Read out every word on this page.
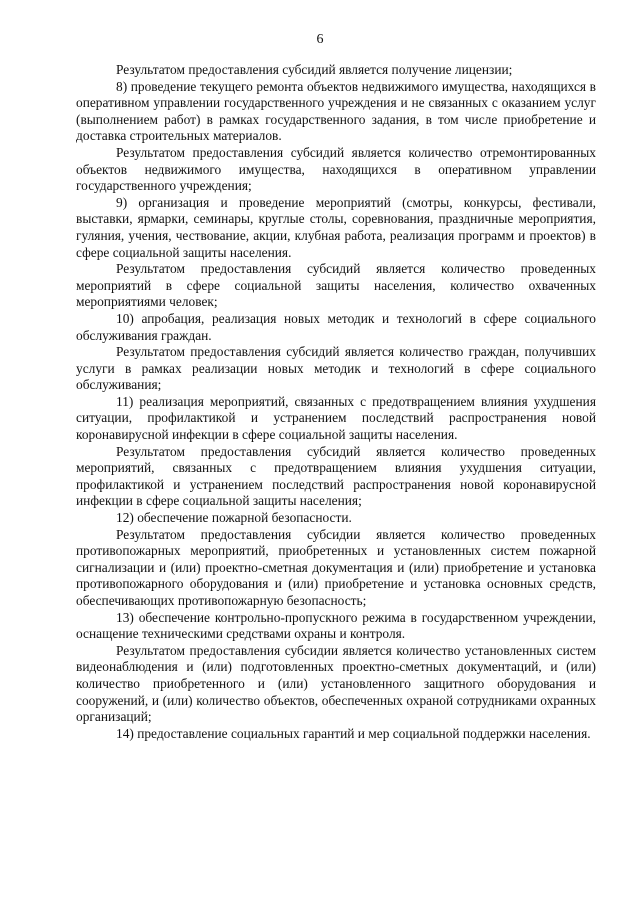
6

Результатом предоставления субсидий является получение лицензии;

8) проведение текущего ремонта объектов недвижимого имущества, находящихся в оперативном управлении государственного учреждения и не связанных с оказанием услуг (выполнением работ) в рамках государственного задания, в том числе приобретение и доставка строительных материалов.

Результатом предоставления субсидий является количество отремонтированных объектов недвижимого имущества, находящихся в оперативном управлении государственного учреждения;

9) организация и проведение мероприятий (смотры, конкурсы, фестивали, выставки, ярмарки, семинары, круглые столы, соревнования, праздничные мероприятия, гуляния, учения, чествование, акции, клубная работа, реализация программ и проектов) в сфере социальной защиты населения.

Результатом предоставления субсидий является количество проведенных мероприятий в сфере социальной защиты населения, количество охваченных мероприятиями человек;

10) апробация, реализация новых методик и технологий в сфере социального обслуживания граждан.

Результатом предоставления субсидий является количество граждан, получивших услуги в рамках реализации новых методик и технологий в сфере социального обслуживания;

11) реализация мероприятий, связанных с предотвращением влияния ухудшения ситуации, профилактикой и устранением последствий распространения новой коронавирусной инфекции в сфере социальной защиты населения.

Результатом предоставления субсидий является количество проведенных мероприятий, связанных с предотвращением влияния ухудшения ситуации, профилактикой и устранением последствий распространения новой коронавирусной инфекции в сфере социальной защиты населения;

12) обеспечение пожарной безопасности.

Результатом предоставления субсидии является количество проведенных противопожарных мероприятий, приобретенных и установленных систем пожарной сигнализации и (или) проектно-сметная документация и (или) приобретение и установка противопожарного оборудования и (или) приобретение и установка основных средств, обеспечивающих противопожарную безопасность;

13) обеспечение контрольно-пропускного режима в государственном учреждении, оснащение техническими средствами охраны и контроля.

Результатом предоставления субсидии является количество установленных систем видеонаблюдения и (или) подготовленных проектно-сметных документаций, и (или) количество приобретенного и (или) установленного защитного оборудования и сооружений, и (или) количество объектов, обеспеченных охраной сотрудниками охранных организаций;

14) предоставление социальных гарантий и мер социальной поддержки населения.
